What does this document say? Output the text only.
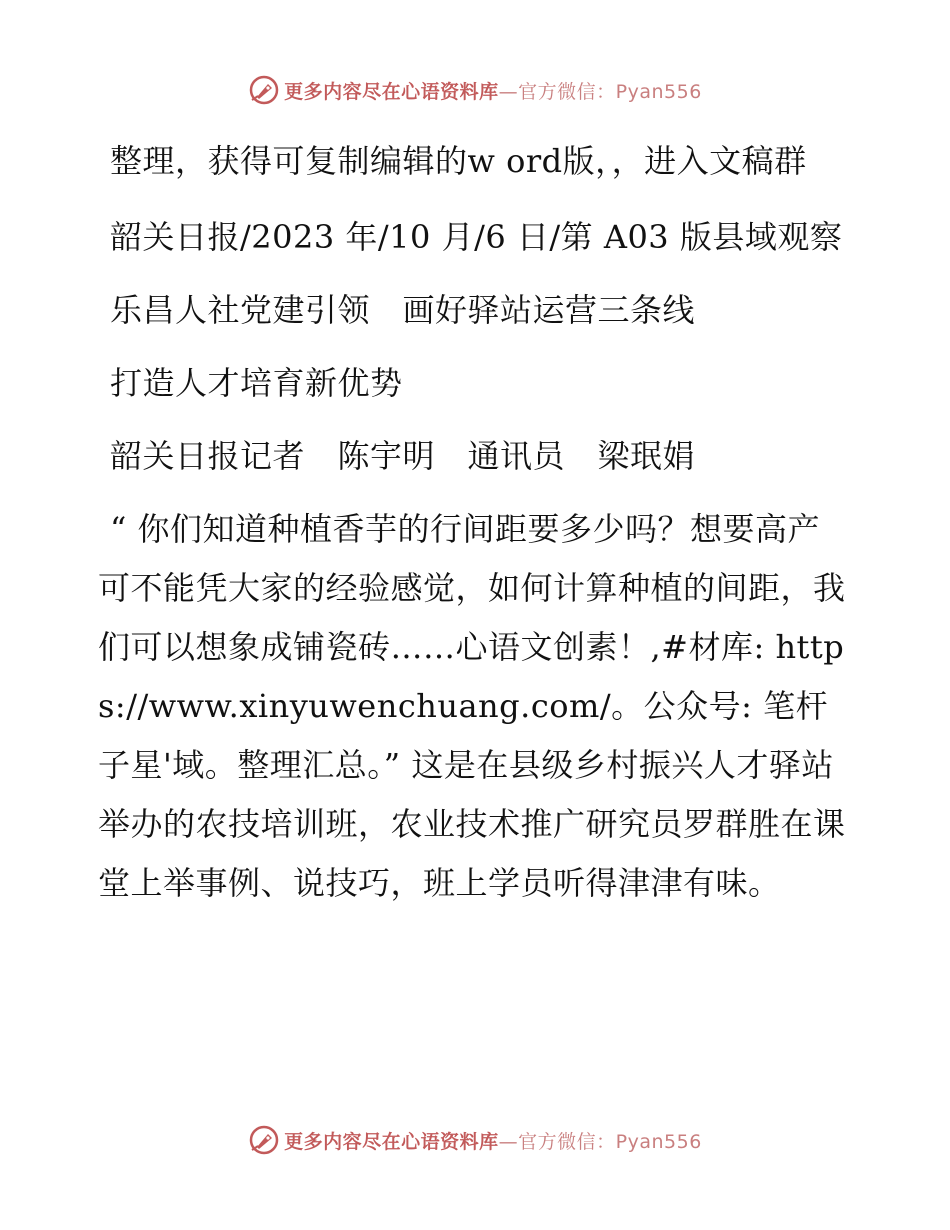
更多内容尽在心语资料库—官方微信：Pyan556

整理，获得可复制编辑的w ord版，，进入文稿群

韶关日报/2023 年/10 月/6 日/第 A03 版县域观察

乐昌人社党建引领　画好驿站运营三条线

打造人才培育新优势

韶关日报记者　陈宇明　通讯员　梁珉娟

“ 你们知道种植香芋的行间距要多少吗？想要高产可不能凭大家的经验感觉，如何计算种植的间距，我们可以想象成铺瓷砖……心语文创素！,#材库: https://www.xinyuwenchuang.com/。公众号: 笔杆子星'域。整理汇总。” 这是在县级乡村振兴人才驿站举办的农技培训班，农业技术推广研究员罗群胜在课堂上举事例、说技巧，班上学员听得津津有味。

更多内容尽在心语资料库—官方微信：Pyan556
